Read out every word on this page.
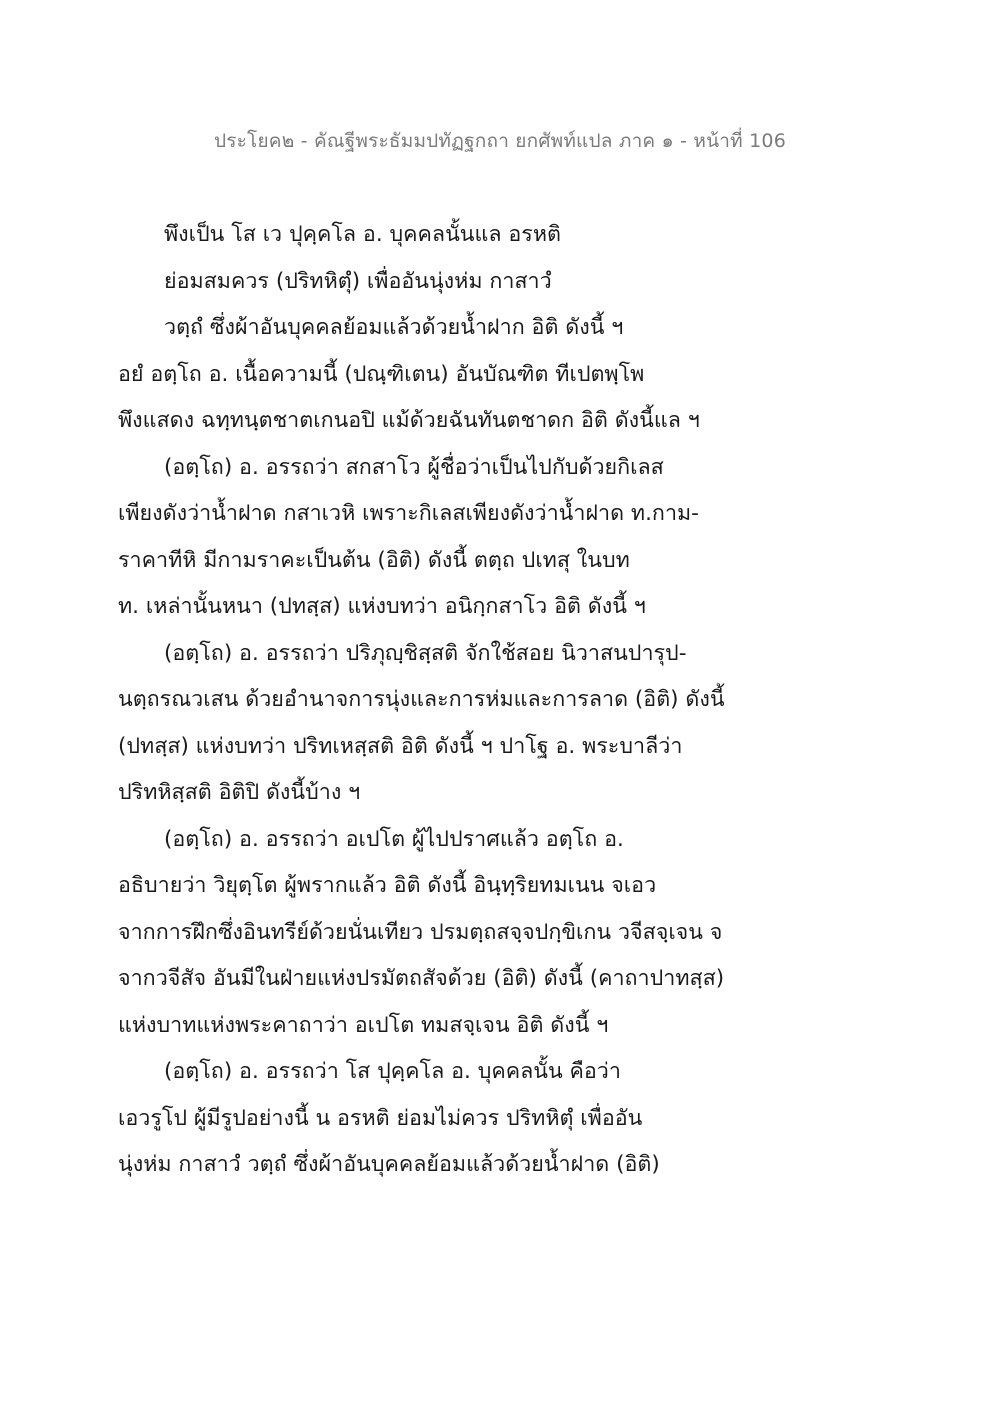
ประโยค๒ - คัณฐีพระธัมมปทัฏฐกถา ยกศัพท์แปล ภาค ๑ - หน้าที่ 106
พึงเป็น โส เว ปุคฺคโล อ. บุคคลนั้นแล อรหติ
ย่อมสมควร (ปริทหิตุํ) เพื่ออันนุ่งห่ม กาสาวํ
วตฺถํ ซึ่งผ้าอันบุคคลย้อมแล้วด้วยน้ำฝาก อิติ ดังนี้ ฯ
อยํ อตฺโถ อ. เนื้อความนี้ (ปณฺฑิเตน) อันบัณฑิต ทีเปตพฺโพ
พึงแสดง ฉทฺทนฺตชาตเกนอปิ แม้ด้วยฉันทันตชาดก อิติ ดังนี้แล ฯ
(อตฺโถ) อ. อรรถว่า สกสาโว ผู้ชื่อว่าเป็นไปกับด้วยกิเลส
เพียงดังว่าน้ำฝาด กสาเวหิ เพราะกิเลสเพียงดังว่าน้ำฝาด ท.กาม-
ราคาทีหิ มีกามราคะเป็นต้น (อิติ) ดังนี้ ตตฺถ ปเทสุ ในบท
ท. เหล่านั้นหนา (ปทสฺส) แห่งบทว่า อนิกฺกสาโว อิติ ดังนี้ ฯ
(อตฺโถ) อ. อรรถว่า ปริภุญฺชิสฺสติ จักใช้สอย นิวาสนปารุป-
นตฺถรณวเสน ด้วยอำนาจการนุ่งและการห่มและการลาด (อิติ) ดังนี้
(ปทสฺส) แห่งบทว่า ปริทเหสฺสติ อิติ ดังนี้ ฯ ปาโฐ อ. พระบาลีว่า
ปริทหิสฺสติ อิติปิ ดังนี้บ้าง ฯ
(อตฺโถ) อ. อรรถว่า อเปโต ผู้ไปปราศแล้ว อตฺโถ อ.
อธิบายว่า วิยุตฺโต ผู้พรากแล้ว อิติ ดังนี้ อินฺทฺริยทมเนน จเอว
จากการฝึกซึ่งอินทรีย์ด้วยนั่นเทียว ปรมตฺถสจฺจปกฺขิเกน วจีสจฺเจน จ
จากวจีสัจ อันมีในฝ่ายแห่งปรมัตถสัจด้วย (อิติ) ดังนี้ (คาถาปาทสฺส)
แห่งบาทแห่งพระคาถาว่า อเปโต ทมสจฺเจน อิติ ดังนี้ ฯ
(อตฺโถ) อ. อรรถว่า โส ปุคฺคโล อ. บุคคลนั้น คือว่า
เอวรูโป ผู้มีรูปอย่างนี้ น อรหติ ย่อมไม่ควร ปริทหิตุํ เพื่ออัน
นุ่งห่ม กาสาวํ วตฺถํ ซึ่งผ้าอันบุคคลย้อมแล้วด้วยน้ำฝาด (อิติ)
